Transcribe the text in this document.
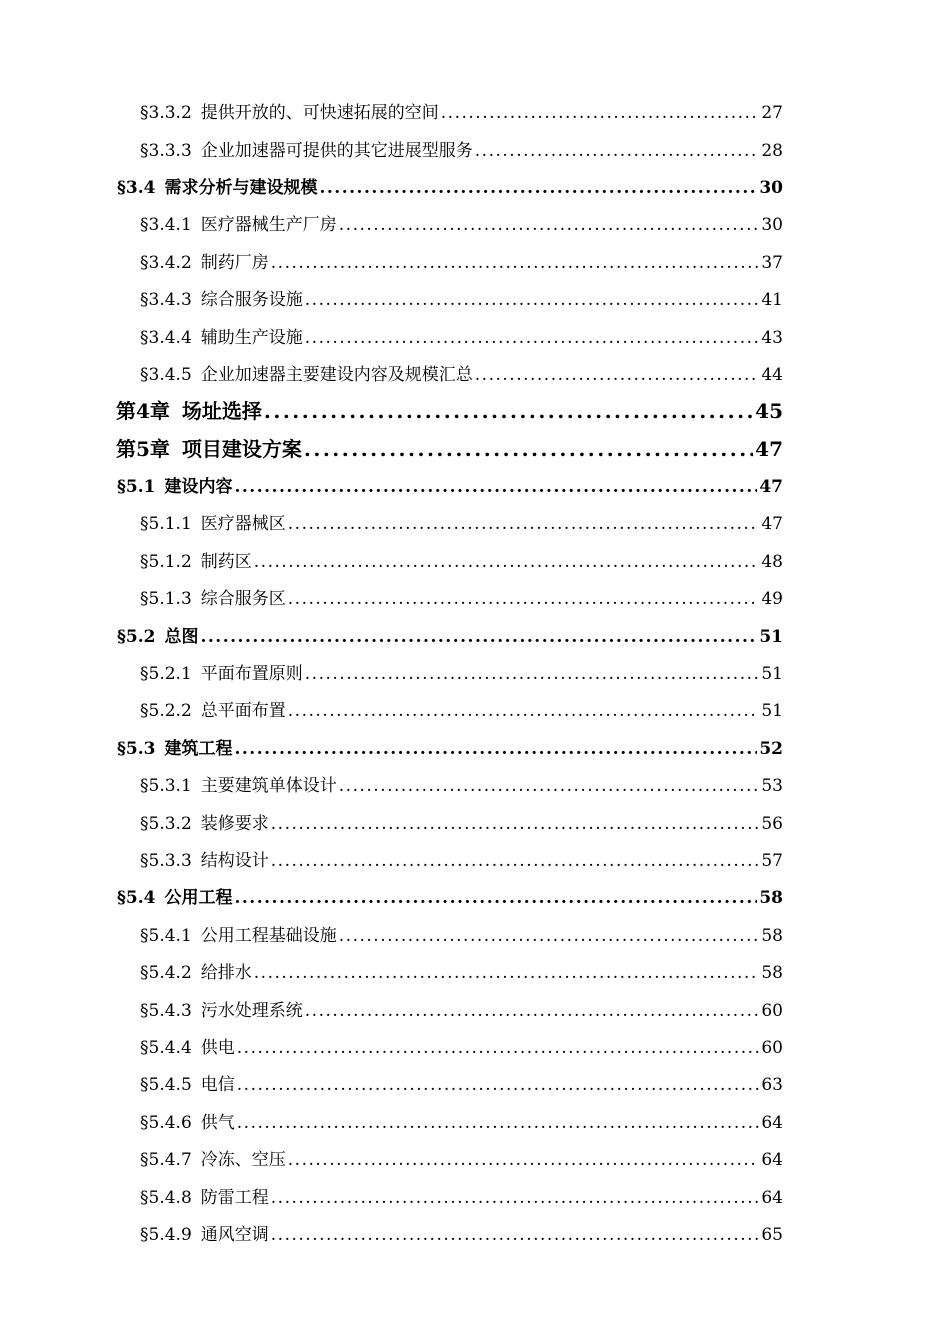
§3.3.2 提供开放的、可快速拓展的空间 .....	27
§3.3.3 企业加速器可提供的其它进展型服务 .....	28
§3.4 需求分析与建设规模 .....	30
§3.4.1 医疗器械生产厂房 .....	30
§3.4.2 制药厂房 .....	37
§3.4.3 综合服务设施 .....	41
§3.4.4 辅助生产设施 .....	43
§3.4.5 企业加速器主要建设内容及规模汇总 .....	44
第4章 场址选择 .....	45
第5章 项目建设方案 .....	47
§5.1 建设内容 .....	47
§5.1.1 医疗器械区 .....	47
§5.1.2 制药区 .....	48
§5.1.3 综合服务区 .....	49
§5.2 总图 .....	51
§5.2.1 平面布置原则 .....	51
§5.2.2 总平面布置 .....	51
§5.3 建筑工程 .....	52
§5.3.1 主要建筑单体设计 .....	53
§5.3.2 装修要求 .....	56
§5.3.3 结构设计 .....	57
§5.4 公用工程 .....	58
§5.4.1 公用工程基础设施 .....	58
§5.4.2 给排水 .....	58
§5.4.3 污水处理系统 .....	60
§5.4.4 供电 .....	60
§5.4.5 电信 .....	63
§5.4.6 供气 .....	64
§5.4.7 冷冻、空压 .....	64
§5.4.8 防雷工程 .....	64
§5.4.9 通风空调 .....	65
